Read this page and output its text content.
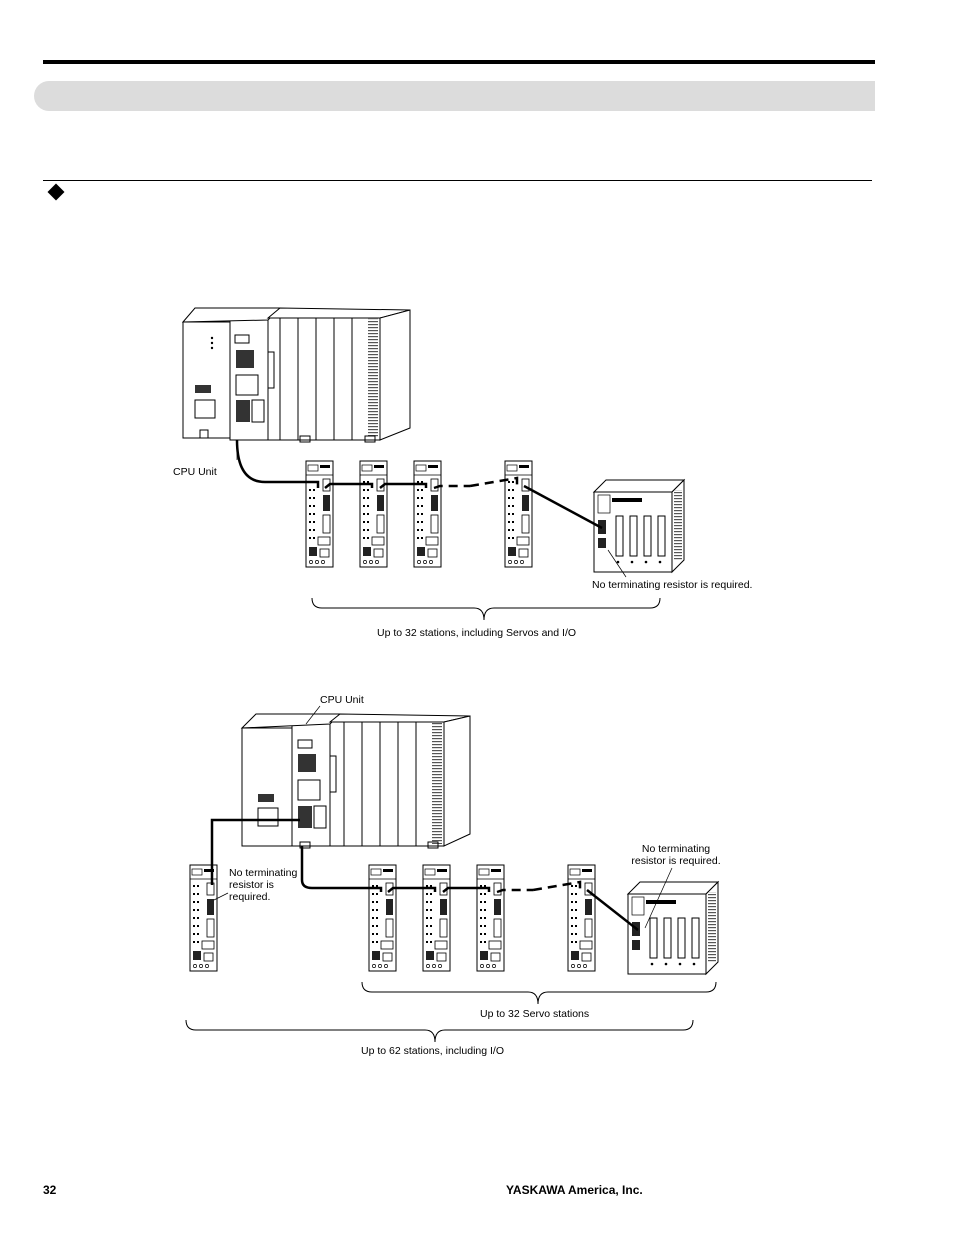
CPU Unit
No terminating resistor is required.
Up to 32 stations, including Servos and I/O
CPU Unit
No terminating
resistor is
required.
No terminating
resistor is required.
Up to 32 Servo stations
Up to 62 stations, including I/O
32	YASKAWA America, Inc.
